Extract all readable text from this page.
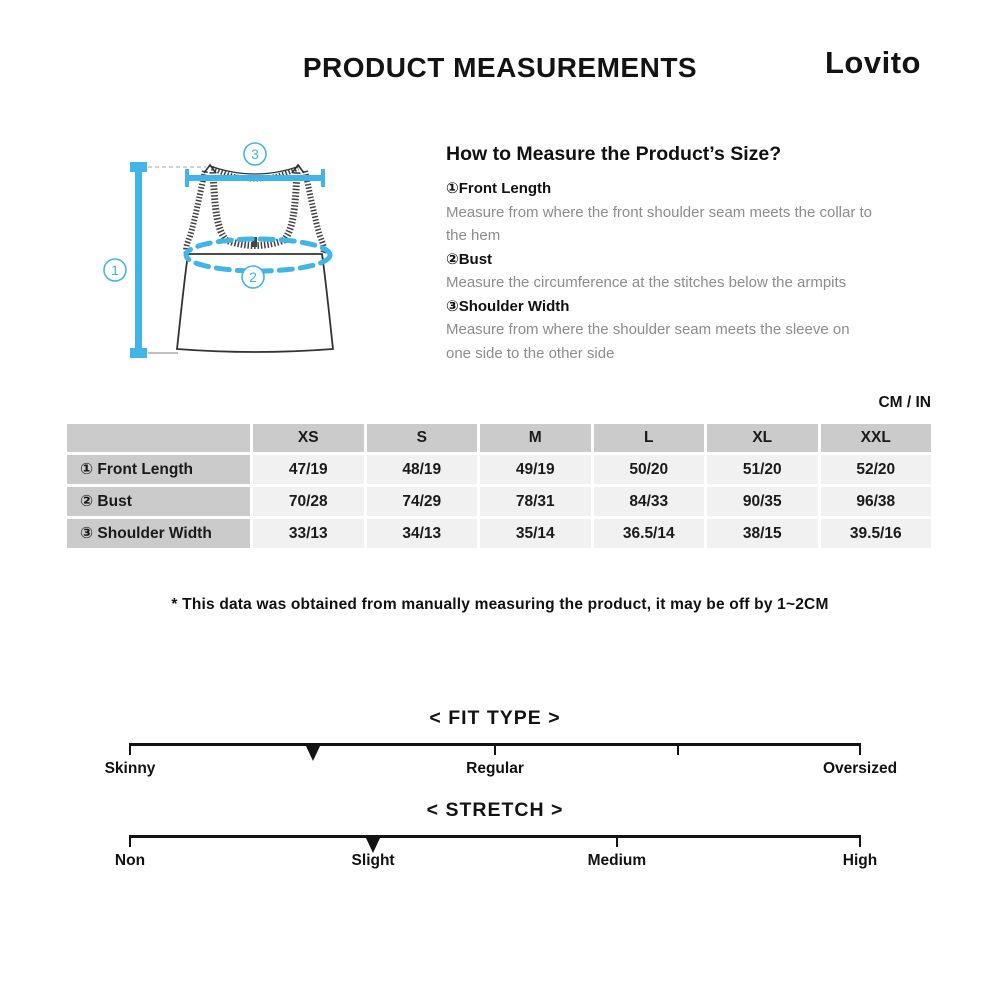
PRODUCT MEASUREMENTS	Lovito
1	2
3	How to Measure the Product’s Size?
①Front Length
Measure from where the front shoulder seam meets the collar to the hem
②Bust
Measure the circumference at the stitches below the armpits
③Shoulder Width
Measure from where the shoulder seam meets the sleeve on one side to the other side
CM / IN
XS	S	M	L	XL	XXL
① Front Length	47/19	48/19	49/19	50/20	51/20	52/20
② Bust	70/28	74/29	78/31	84/33	90/35	96/38
③ Shoulder Width	33/13	34/13	35/14	36.5/14	38/15	39.5/16

* This data was obtained from manually measuring the product, it may be off by 1~2CM

< FIT TYPE >
Skinny	Regular	Oversized
< STRETCH >
Non	Slight	Medium	High
